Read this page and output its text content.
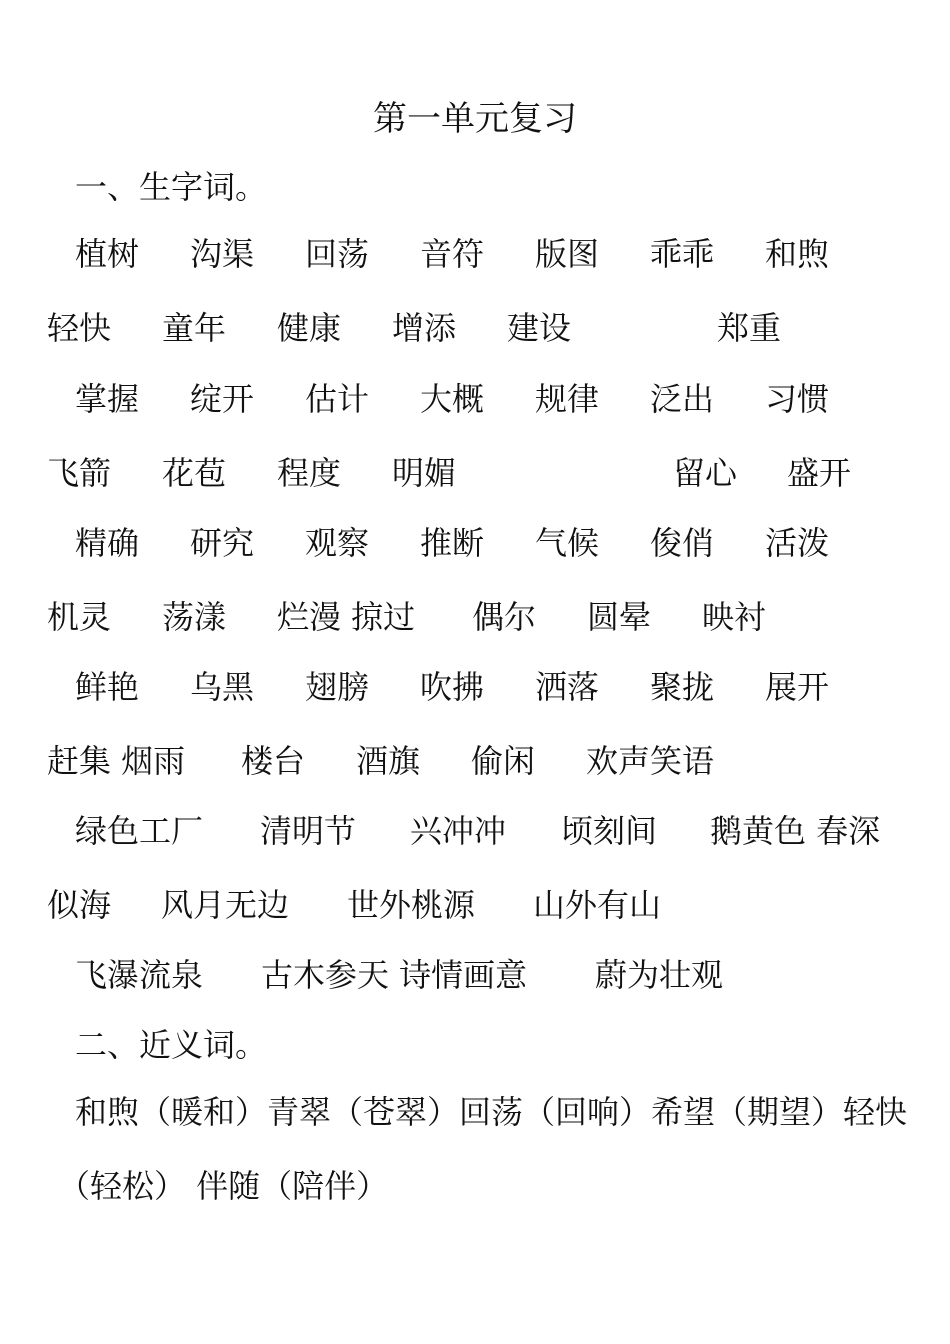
第一单元复习
一、生字词。
植树 沟渠 回荡 音符 版图 乖乖 和煦
轻快 童年 健康 增添 建设	郑重
掌握 绽开 估计 大概 规律 泛出 习惯
飞箭 花苞 程度 明媚	留心 盛开
精确 研究 观察 推断 气候 俊俏 活泼
机灵 荡漾 烂漫 掠过 偶尔 圆晕 映衬
鲜艳 乌黑 翅膀 吹拂 洒落 聚拢 展开
赶集 烟雨 楼台 酒旗 偷闲 欢声笑语
绿色工厂 清明节 兴冲冲 顷刻间 鹅黄色 春深
似海 风月无边 世外桃源 山外有山
飞瀑流泉 古木参天 诗情画意 蔚为壮观
二、近义词。
和煦（暖和）青翠（苍翠）回荡（回响）希望（期望）轻快
（轻松） 伴随（陪伴）
